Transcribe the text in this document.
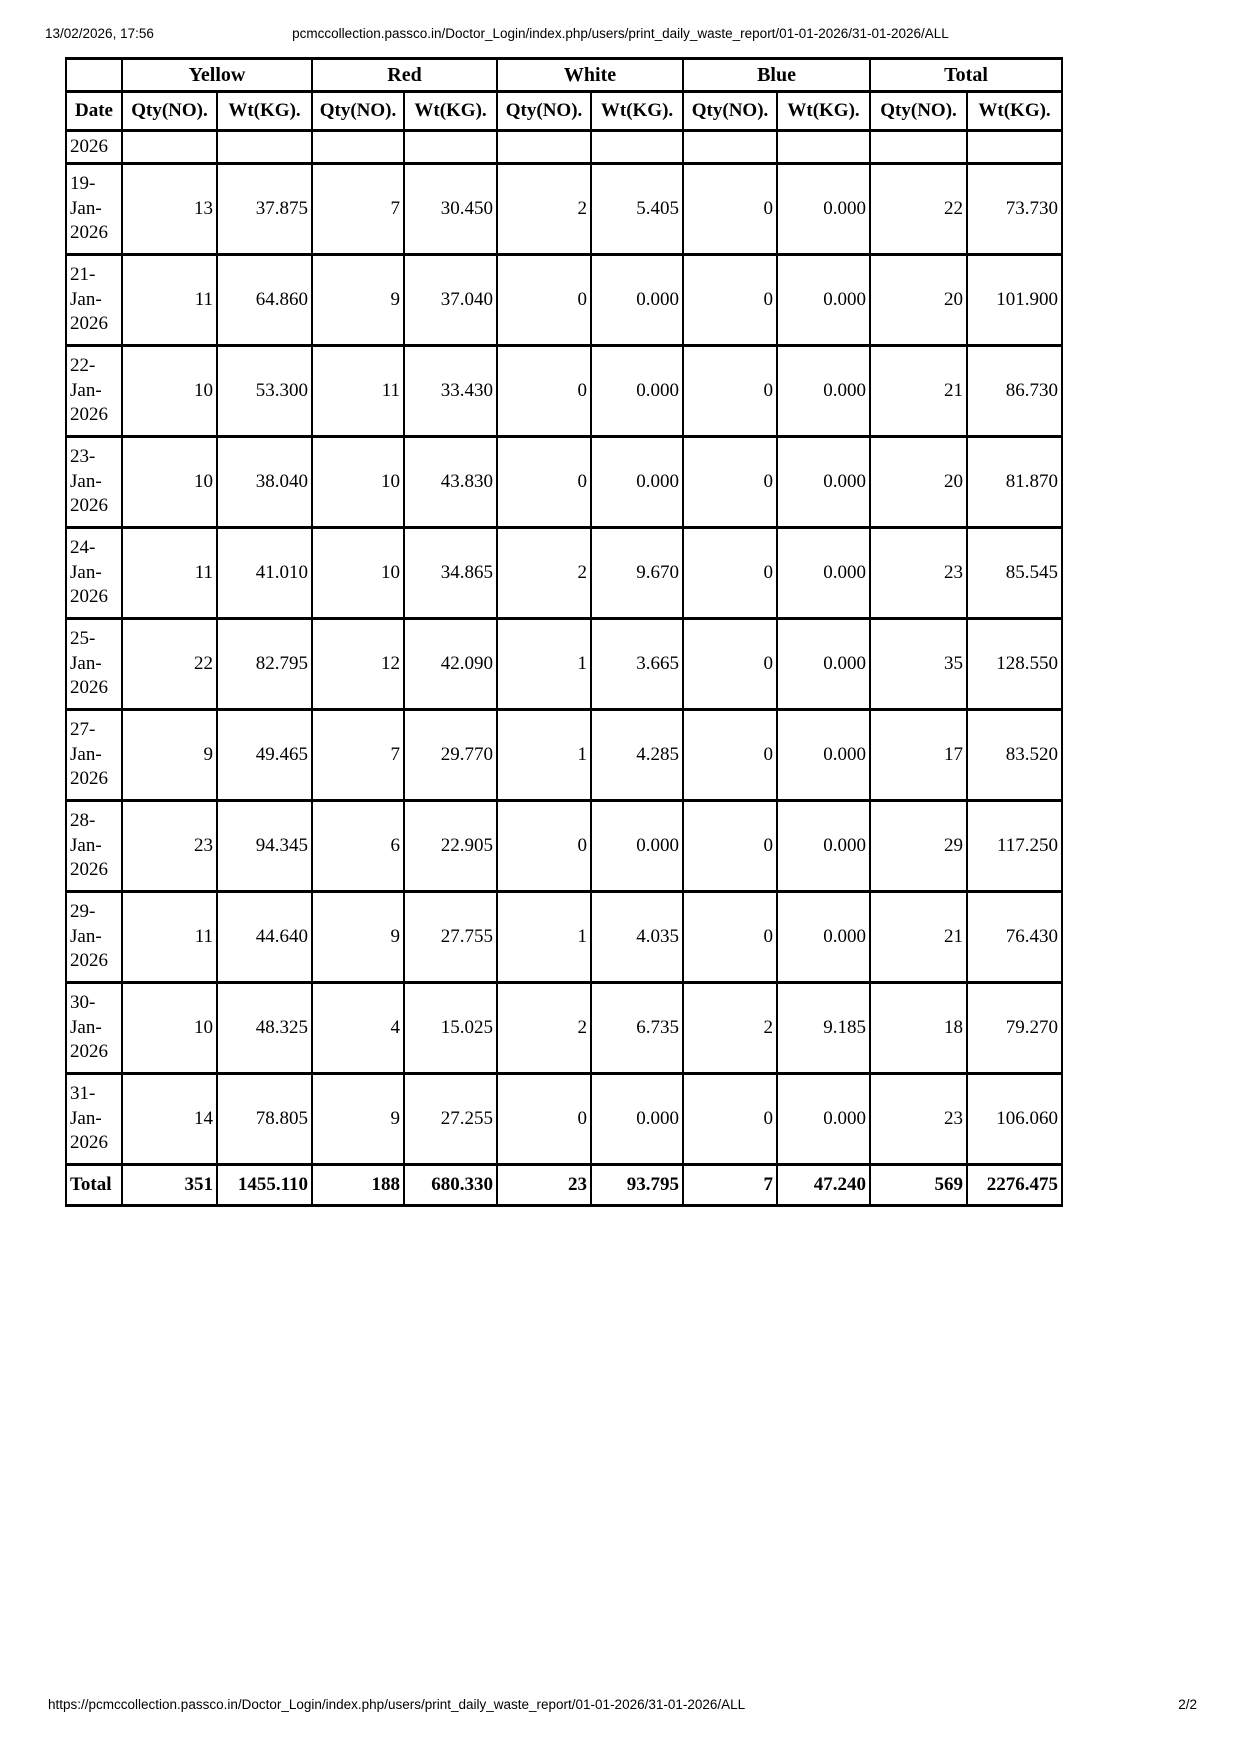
13/02/2026, 17:56	pcmccollection.passco.in/Doctor_Login/index.php/users/print_daily_waste_report/01-01-2026/31-01-2026/ALL
	Yellow		Red		White		Blue		Total	
Date	Qty(NO).	Wt(KG).	Qty(NO).	Wt(KG).	Qty(NO).	Wt(KG).	Qty(NO).	Wt(KG).	Qty(NO).	Wt(KG).
2026										
19-Jan-2026	13	37.875	7	30.450	2	5.405	0	0.000	22	73.730
21-Jan-2026	11	64.860	9	37.040	0	0.000	0	0.000	20	101.900
22-Jan-2026	10	53.300	11	33.430	0	0.000	0	0.000	21	86.730
23-Jan-2026	10	38.040	10	43.830	0	0.000	0	0.000	20	81.870
24-Jan-2026	11	41.010	10	34.865	2	9.670	0	0.000	23	85.545
25-Jan-2026	22	82.795	12	42.090	1	3.665	0	0.000	35	128.550
27-Jan-2026	9	49.465	7	29.770	1	4.285	0	0.000	17	83.520
28-Jan-2026	23	94.345	6	22.905	0	0.000	0	0.000	29	117.250
29-Jan-2026	11	44.640	9	27.755	1	4.035	0	0.000	21	76.430
30-Jan-2026	10	48.325	4	15.025	2	6.735	2	9.185	18	79.270
31-Jan-2026	14	78.805	9	27.255	0	0.000	0	0.000	23	106.060
Total	351	1455.110	188	680.330	23	93.795	7	47.240	569	2276.475
https://pcmccollection.passco.in/Doctor_Login/index.php/users/print_daily_waste_report/01-01-2026/31-01-2026/ALL	2/2
